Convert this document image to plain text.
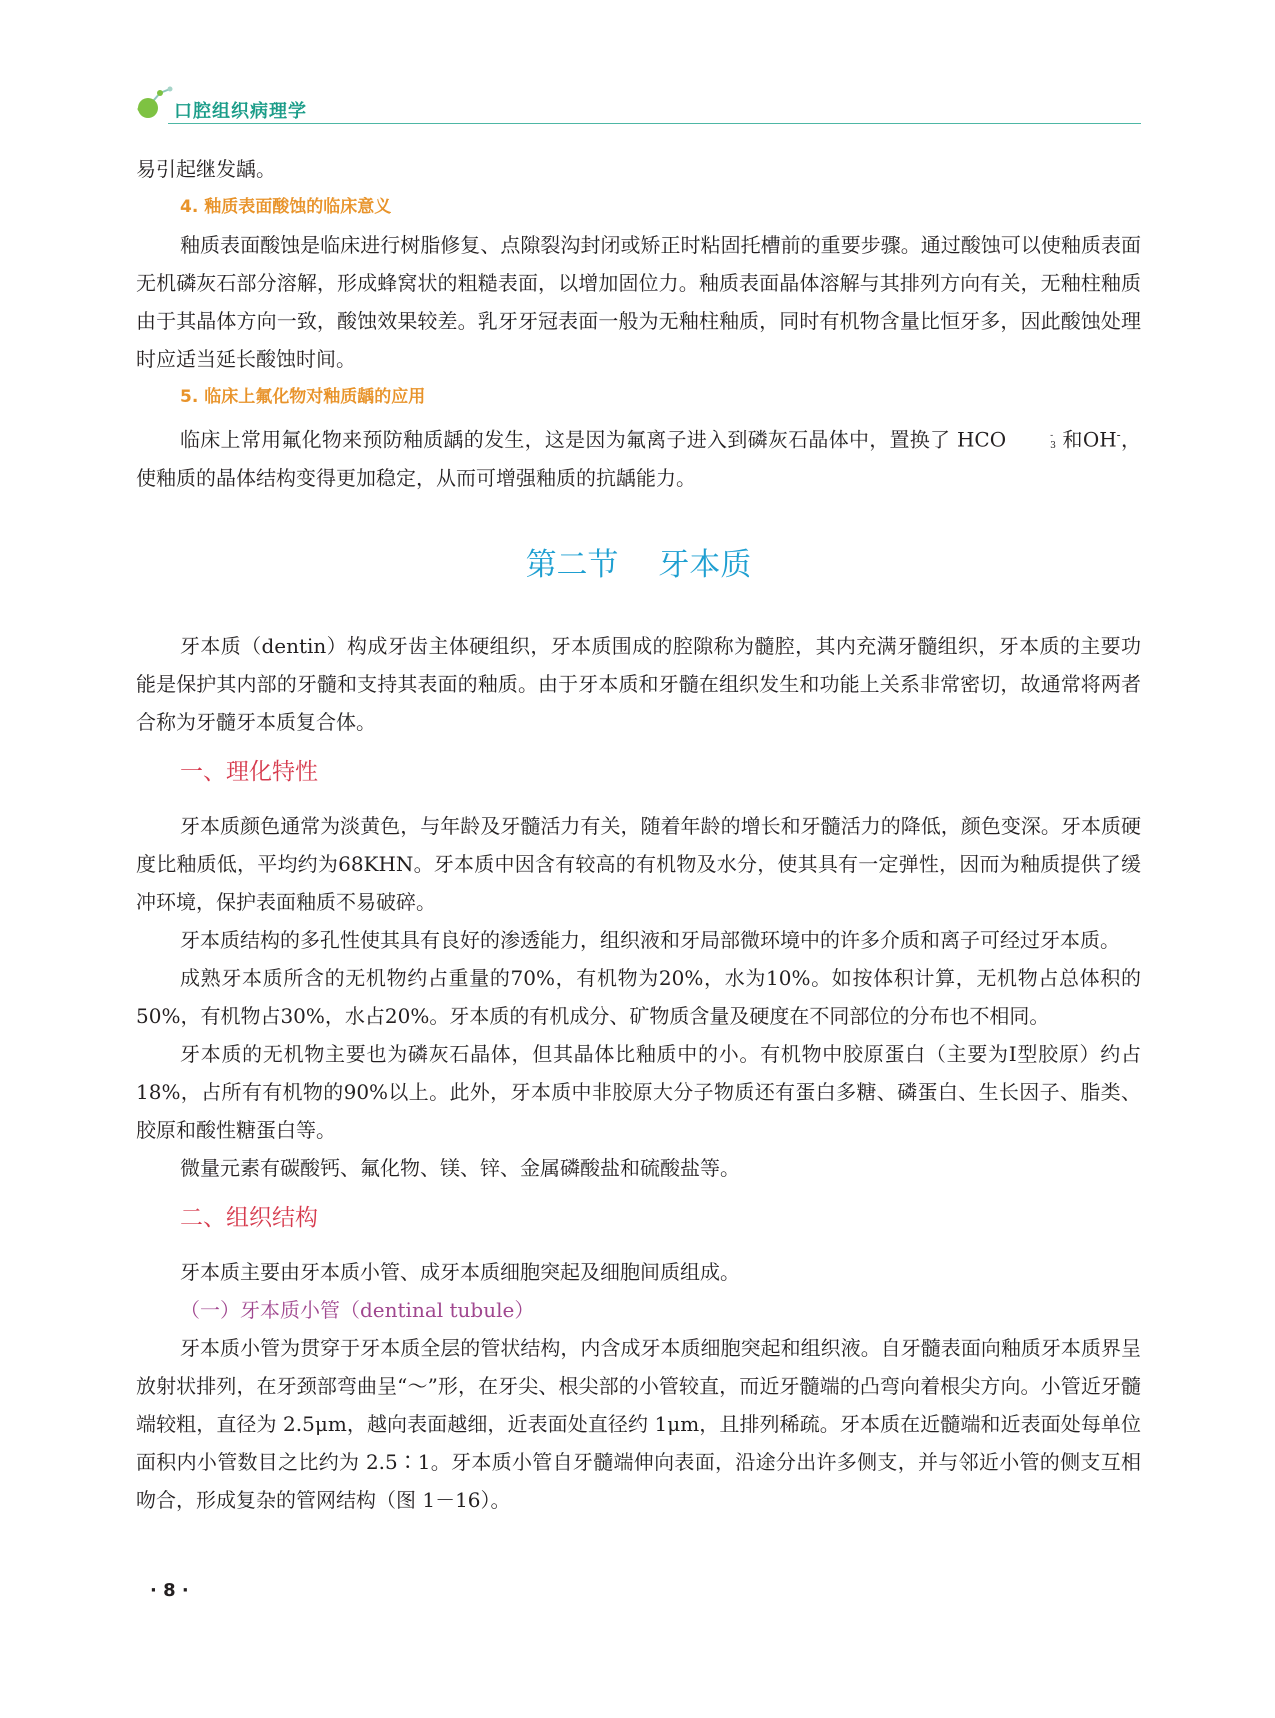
口腔组织病理学

易引起继发龋。

4. 釉质表面酸蚀的临床意义

釉质表面酸蚀是临床进行树脂修复、点隙裂沟封闭或矫正时粘固托槽前的重要步骤。通过酸蚀可以使釉质表面无机磷灰石部分溶解，形成蜂窝状的粗糙表面，以增加固位力。釉质表面晶体溶解与其排列方向有关，无釉柱釉质由于其晶体方向一致，酸蚀效果较差。乳牙牙冠表面一般为无釉柱釉质，同时有机物含量比恒牙多，因此酸蚀处理时应适当延长酸蚀时间。

5. 临床上氟化物对釉质龋的应用

临床上常用氟化物来预防釉质龋的发生，这是因为氟离子进入到磷灰石晶体中，置换了 HCO	-
3 和OH-，使釉质的晶体结构变得更加稳定，从而可增强釉质的抗龋能力。

第二节 牙本质

牙本质（dentin）构成牙齿主体硬组织，牙本质围成的腔隙称为髓腔，其内充满牙髓组织，牙本质的主要功能是保护其内部的牙髓和支持其表面的釉质。由于牙本质和牙髓在组织发生和功能上关系非常密切，故通常将两者合称为牙髓牙本质复合体。

一、理化特性

牙本质颜色通常为淡黄色，与年龄及牙髓活力有关，随着年龄的增长和牙髓活力的降低，颜色变深。牙本质硬度比釉质低，平均约为68KHN。牙本质中因含有较高的有机物及水分，使其具有一定弹性，因而为釉质提供了缓冲环境，保护表面釉质不易破碎。

牙本质结构的多孔性使其具有良好的渗透能力，组织液和牙局部微环境中的许多介质和离子可经过牙本质。

成熟牙本质所含的无机物约占重量的70%，有机物为20%，水为10%。如按体积计算，无机物占总体积的50%，有机物占30%，水占20%。牙本质的有机成分、矿物质含量及硬度在不同部位的分布也不相同。

牙本质的无机物主要也为磷灰石晶体，但其晶体比釉质中的小。有机物中胶原蛋白（主要为Ⅰ型胶原）约占18%，占所有有机物的90%以上。此外，牙本质中非胶原大分子物质还有蛋白多糖、磷蛋白、生长因子、脂类、胶原和酸性糖蛋白等。

微量元素有碳酸钙、氟化物、镁、锌、金属磷酸盐和硫酸盐等。

二、组织结构

牙本质主要由牙本质小管、成牙本质细胞突起及细胞间质组成。

（一）牙本质小管（dentinal tubule）

牙本质小管为贯穿于牙本质全层的管状结构，内含成牙本质细胞突起和组织液。自牙髓表面向釉质牙本质界呈放射状排列，在牙颈部弯曲呈“～”形，在牙尖、根尖部的小管较直，而近牙髓端的凸弯向着根尖方向。小管近牙髓端较粗，直径为 2.5μm，越向表面越细，近表面处直径约 1μm，且排列稀疏。牙本质在近髓端和近表面处每单位面积内小管数目之比约为 2.5∶1。牙本质小管自牙髓端伸向表面，沿途分出许多侧支，并与邻近小管的侧支互相吻合，形成复杂的管网结构（图 1－16）。

· 8 ·
